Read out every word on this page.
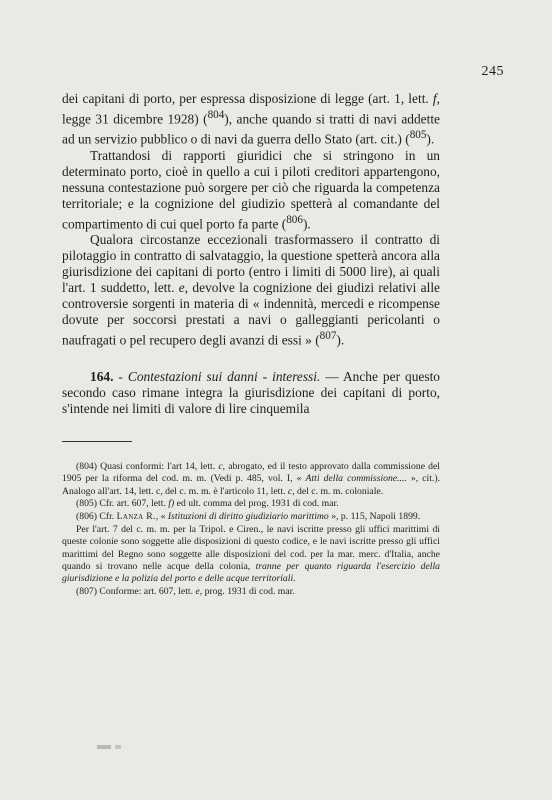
245

dei capitani di porto, per espressa disposizione di legge (art. 1, lett. f, legge 31 dicembre 1928) ($^{804}$), anche quando si tratti di navi addette ad un servizio pubblico o di navi da guerra dello Stato (art. cit.) ($^{805}$).

Trattandosi di rapporti giuridici che si stringono in un determinato porto, cioè in quello a cui i piloti creditori appartengono, nessuna contestazione può sorgere per ciò che riguarda la competenza territoriale; e la cognizione del giudizio spetterà al comandante del compartimento di cui quel porto fa parte ($^{806}$).

Qualora circostanze eccezionali trasformassero il contratto di pilotaggio in contratto di salvataggio, la questione spetterà ancora alla giurisdizione dei capitani di porto (entro i limiti di 5000 lire), ai quali l'art. 1 suddetto, lett. e, devolve la cognizione dei giudizi relativi alle controversie sorgenti in materia di « indennità, mercedi e ricompense dovute per soccorsi prestati a navi o galleggianti pericolanti o naufragati o pel recupero degli avanzi di essi » ($^{807}$).

164. - Contestazioni sui danni - interessi. — Anche per questo secondo caso rimane integra la giurisdizione dei capitani di porto, s'intende nei limiti di valore di lire cinquemila

(804) Quasi conformi: l'art 14, lett. c, abrogato, ed il testo approvato dalla commissione del 1905 per la riforma del cod. m. m. (Vedi p. 485, vol. I, « Atti della commissione.... », cit.). Analogo all'art. 14, lett. c, del c. m. m. è l'articolo 11, lett. c, del c. m. m. coloniale.

(805) Cfr. art. 607, lett. f) ed ult. comma del prog. 1931 di cod. mar.

(806) Cfr. Lanza R., « Istituzioni di diritto giudiziario marittimo », p. 115, Napoli 1899.

Per l'art. 7 del c. m. m. per la Tripol. e Ciren., le navi iscritte presso gli uffici marittimi di queste colonie sono soggette alle disposizioni di questo codice, e le navi iscritte presso gli uffici marittimi del Regno sono soggette alle disposizioni del cod. per la mar. merc. d'Italia, anche quando si trovano nelle acque della colonia, tranne per quanto riguarda l'esercizio della giurisdizione e la polizia del porto e delle acque territoriali.

(807) Conforme: art. 607, lett. e, prog. 1931 di cod. mar.
